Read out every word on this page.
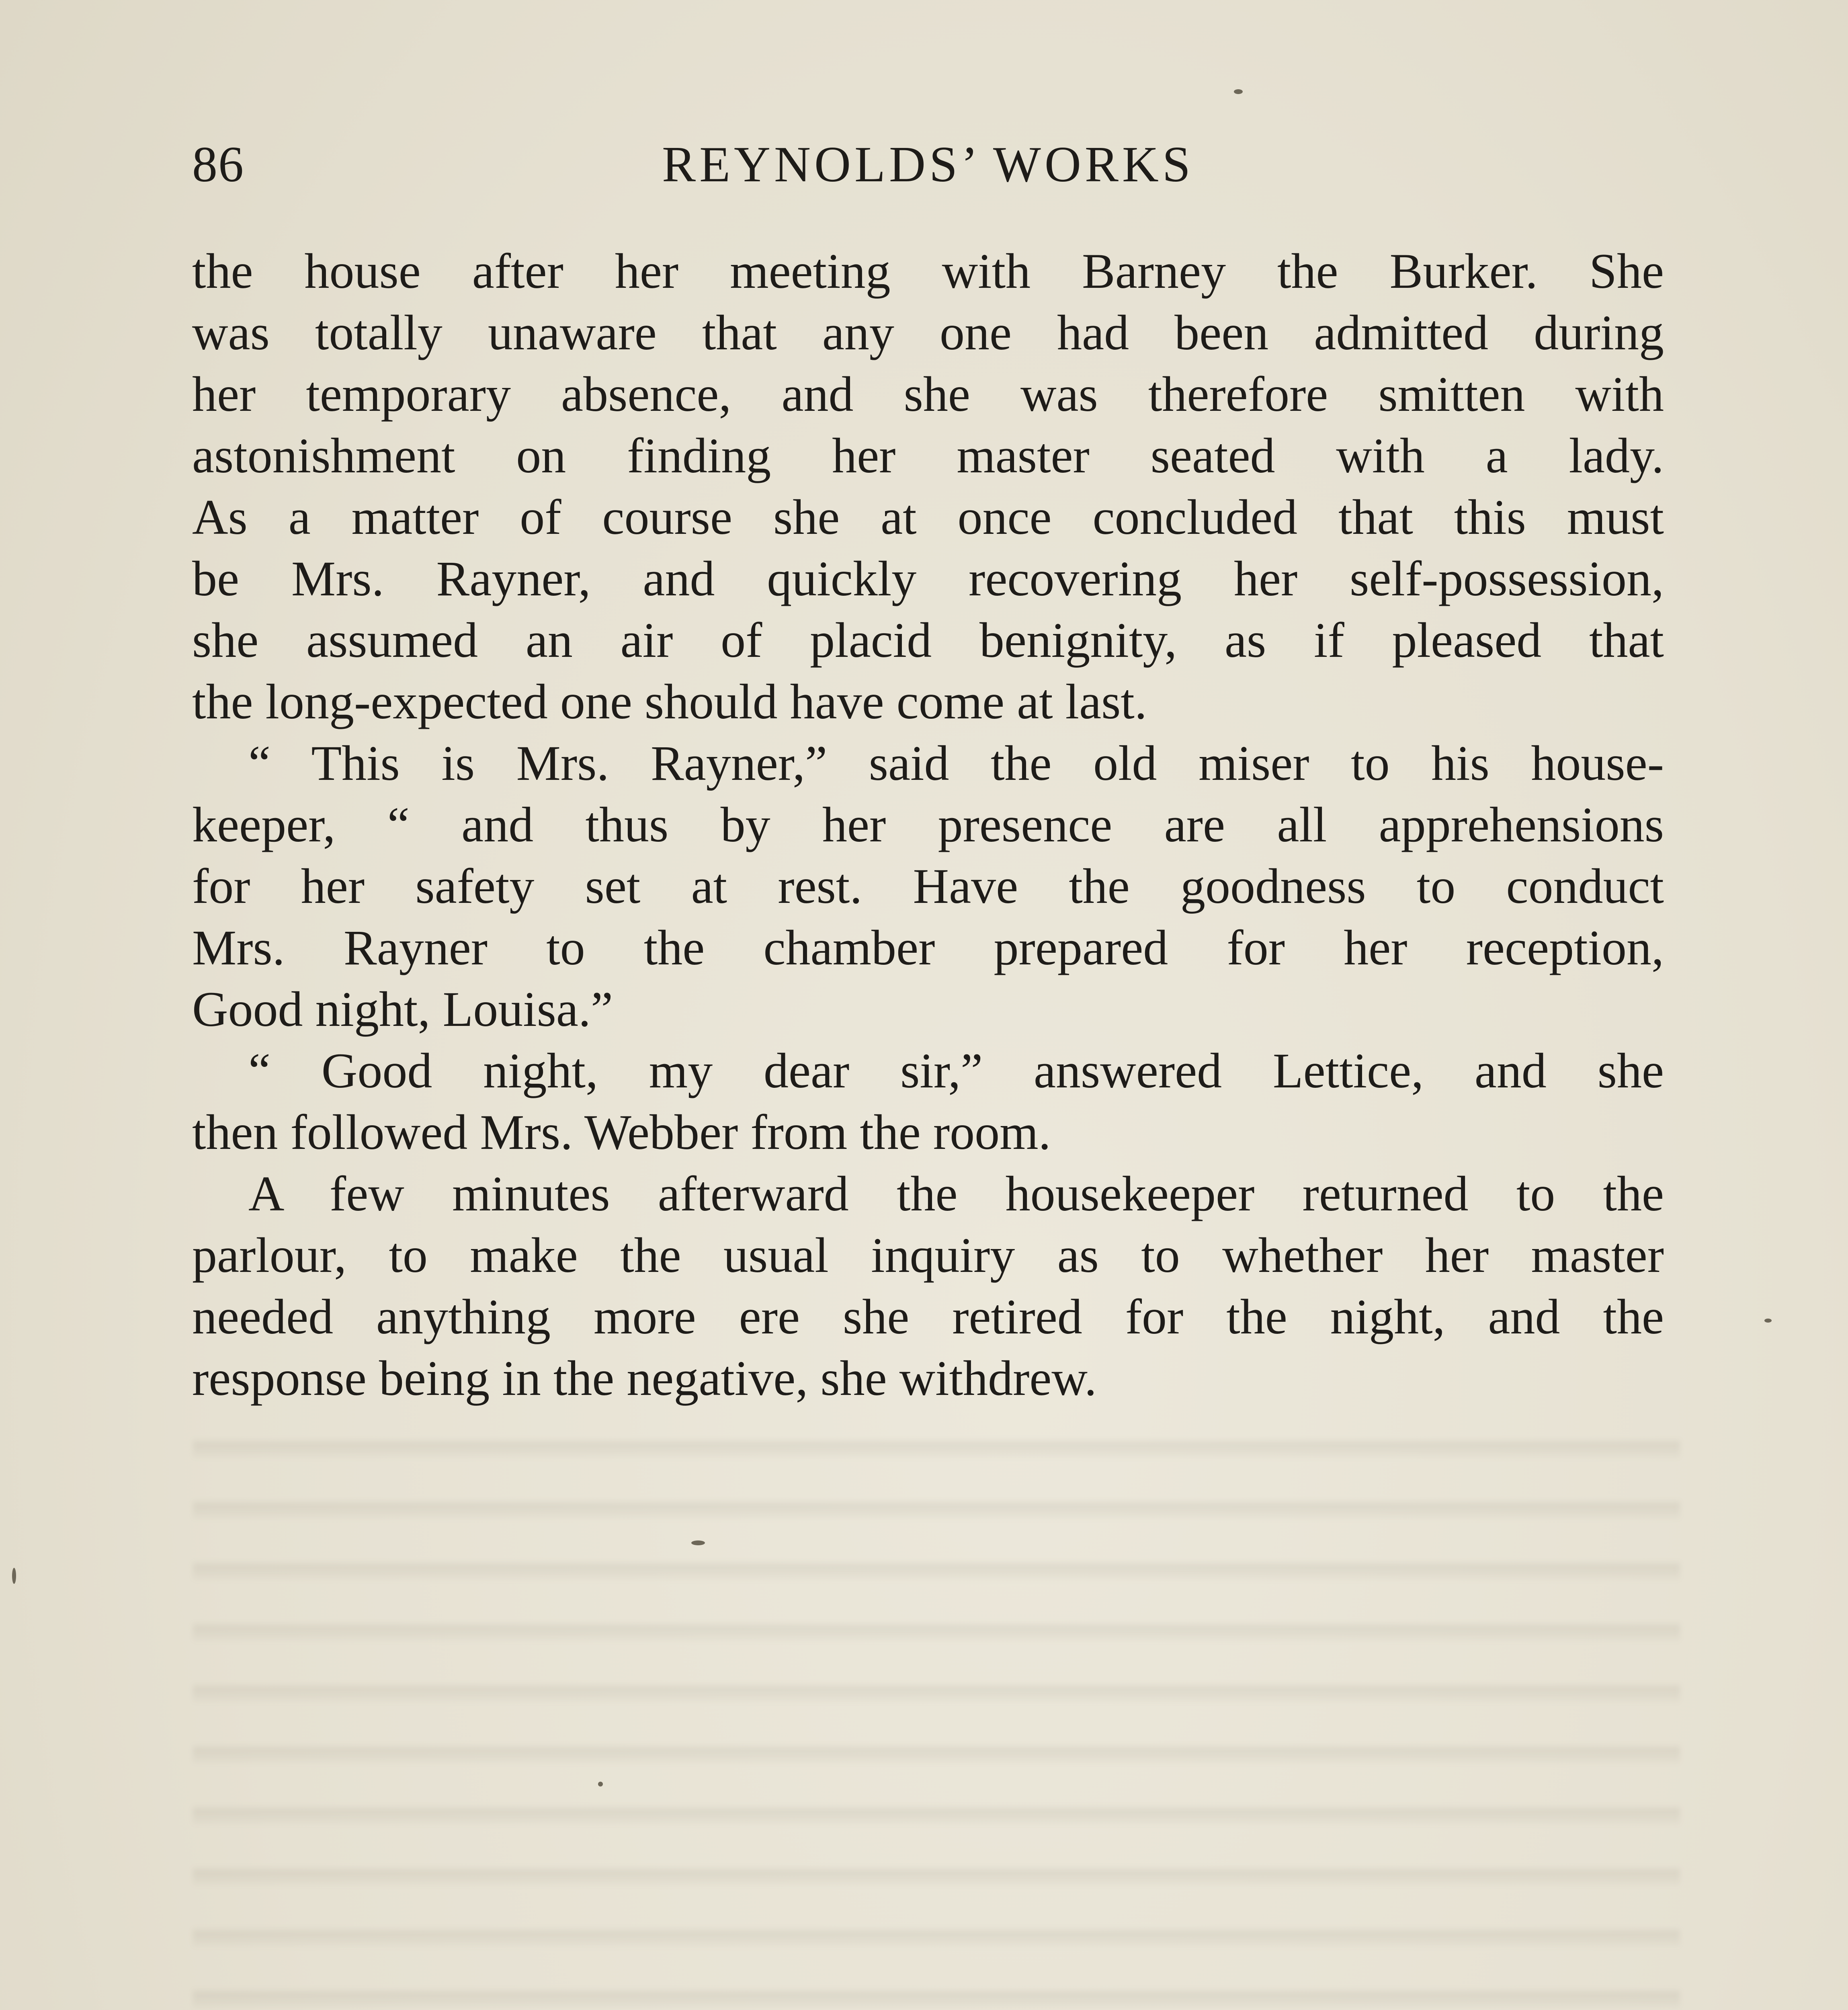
86	REYNOLDS’ WORKS
the house after her meeting with Barney the Burker. She
was totally unaware that any one had been admitted during
her temporary absence, and she was therefore smitten with
astonishment on finding her master seated with a lady.
As a matter of course she at once concluded that this must
be Mrs. Rayner, and quickly recovering her self-possession,
she assumed an air of placid benignity, as if pleased that
the long-expected one should have come at last.
“ This is Mrs. Rayner,” said the old miser to his house-
keeper, “ and thus by her presence are all apprehensions
for her safety set at rest. Have the goodness to conduct
Mrs. Rayner to the chamber prepared for her reception,
Good night, Louisa.”
“ Good night, my dear sir,” answered Lettice, and she
then followed Mrs. Webber from the room.
A few minutes afterward the housekeeper returned to the
parlour, to make the usual inquiry as to whether her master
needed anything more ere she retired for the night, and the
response being in the negative, she withdrew.
